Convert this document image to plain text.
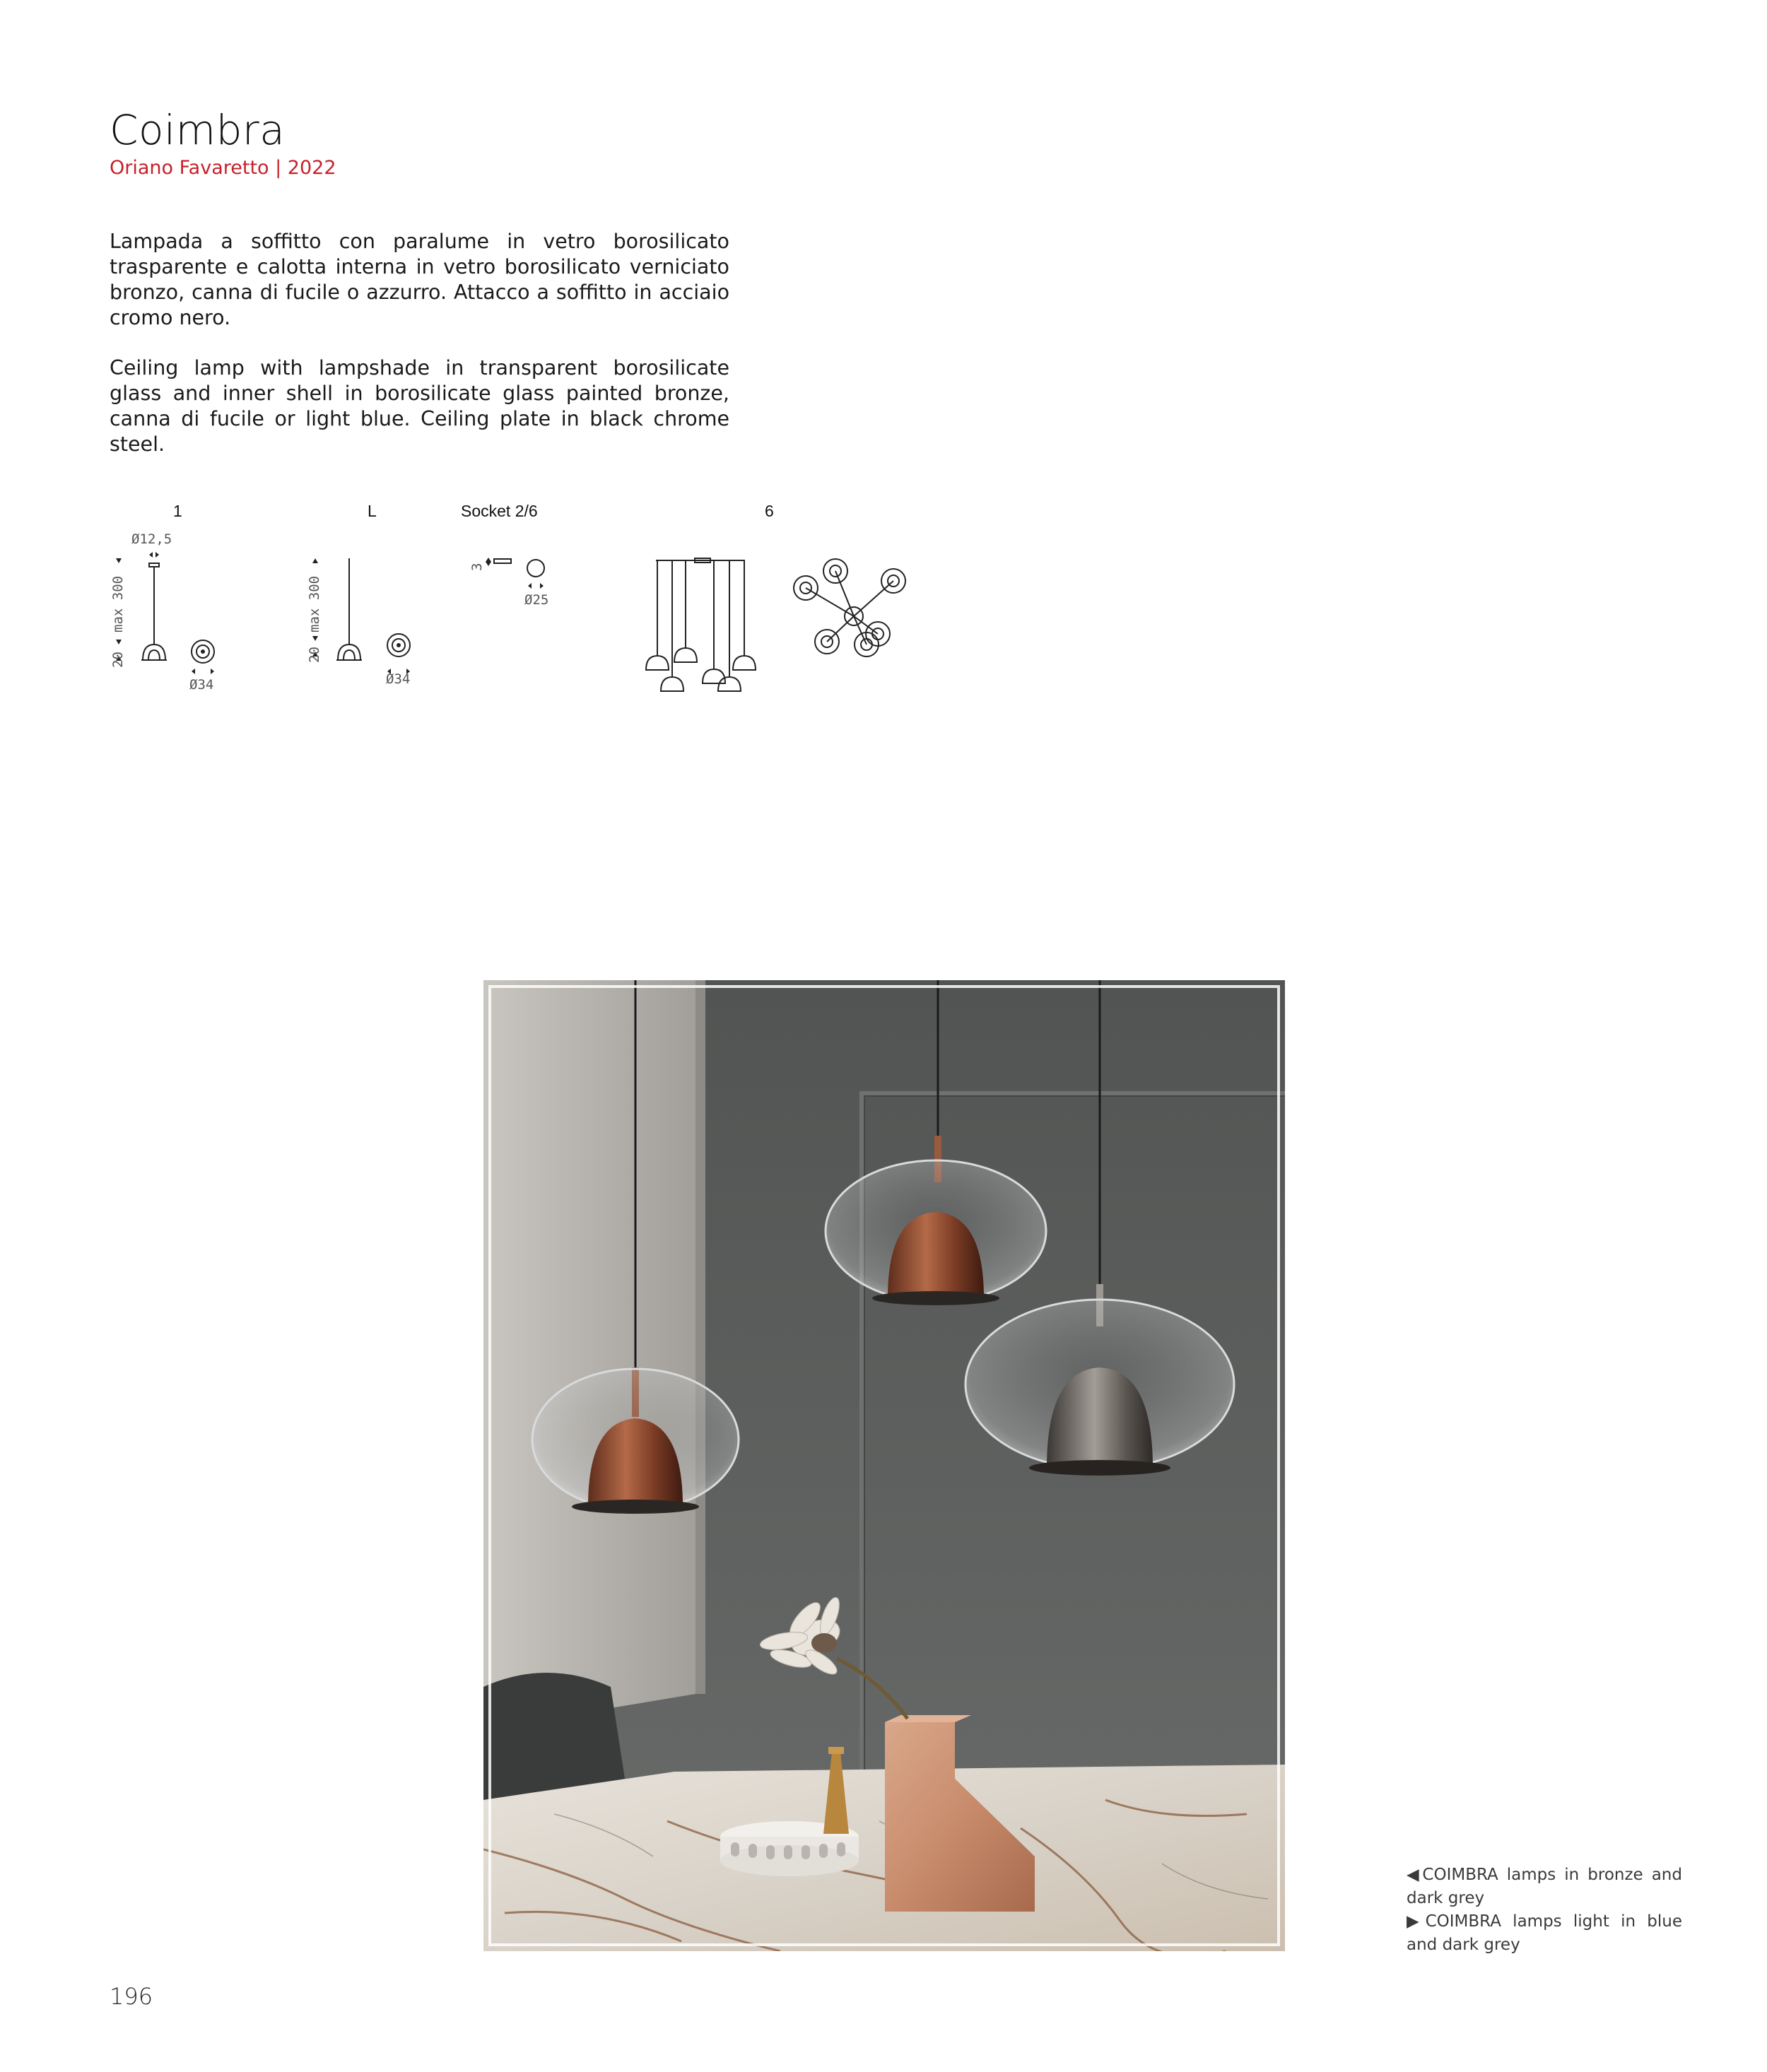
Coimbra
Oriano Favaretto | 2022
Lampada a soffitto con paralume in vetro borosilicato trasparente e calotta interna in vetro borosilicato verniciato bronzo, canna di fucile o azzurro. Attacco a soffitto in acciaio cromo nero.
Ceiling lamp with lampshade in transparent borosilicate glass and inner shell in borosilicate glass painted bronze, canna di fucile or light blue. Ceiling plate in black chrome steel.
1	L	Socket 2/6	6
Ø12,5
max 300
20
Ø34
max 300
20
Ø34
3
Ø25
◀COIMBRA lamps in bronze and dark grey
▶COIMBRA lamps light in blue and dark grey
196
